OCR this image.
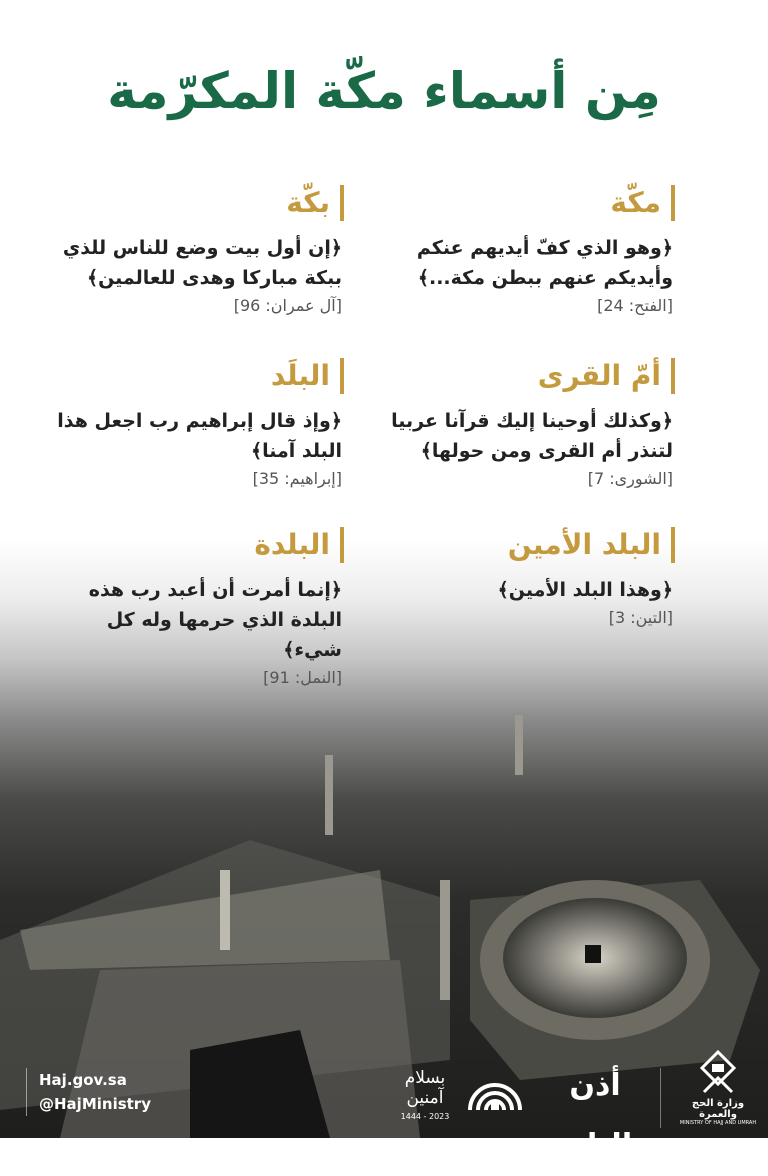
مِن أسماء مكّة المكرّمة
مكّة
﴿وهو الذي كفّ أيديهم عنكم وأيديكم عنهم ببطن مكة...﴾
[الفتح: 24]
أمّ القرى
﴿وكذلك أوحينا إليك قرآنا عربيا لتنذر أم القرى ومن حولها﴾
[الشورى: 7]
البلد الأمين
﴿وهذا البلد الأمين﴾
[التين: 3]
بكّة
﴿إن أول بيت وضع للناس للذي ببكة مباركا وهدى للعالمين﴾
[آل عمران: 96]
البلَد
﴿وإذ قال إبراهيم رب اجعل هذا البلد آمنا﴾
[إبراهيم: 35]
البلدة
﴿إنما أمرت أن أعبد رب هذه البلدة الذي حرمها وله كل شيء﴾
[النمل: 91]
Haj.gov.sa
@HajMinistry
بسلام آمنين
2023 - 1444
أذن بالناس
وزارة الحج والعمرة
MINISTRY OF HAJJ AND UMRAH
